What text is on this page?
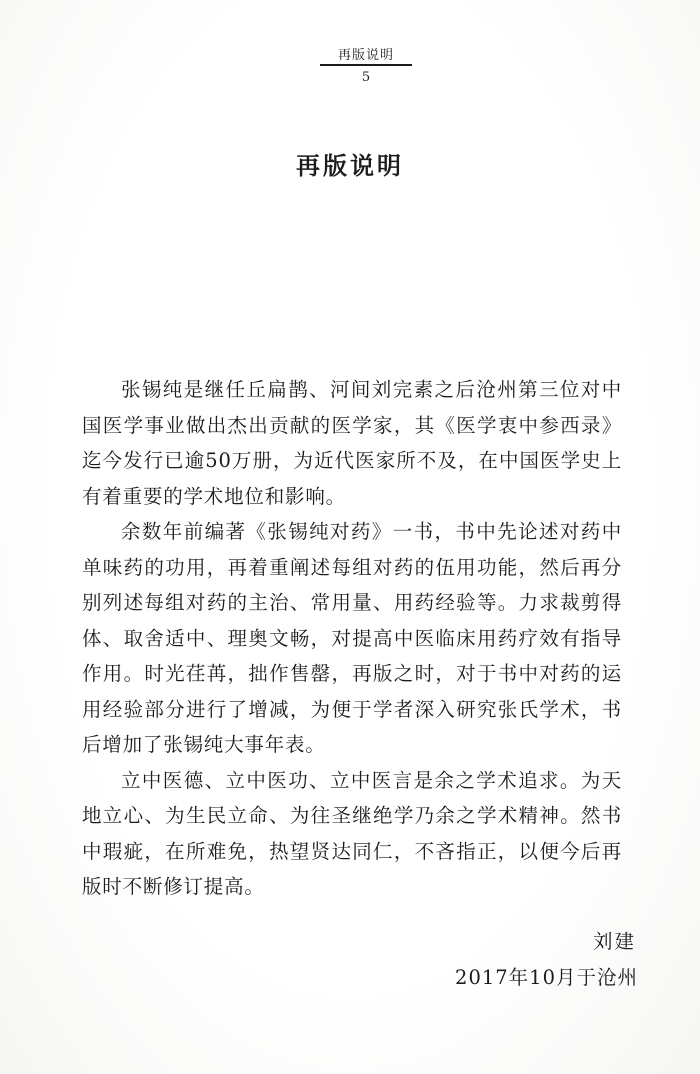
再版说明
5
再版说明

张锡纯是继任丘扁鹊、河间刘完素之后沧州第三位对中国医学事业做出杰出贡献的医学家，其《医学衷中参西录》迄今发行已逾50万册，为近代医家所不及，在中国医学史上有着重要的学术地位和影响。

余数年前编著《张锡纯对药》一书，书中先论述对药中单味药的功用，再着重阐述每组对药的伍用功能，然后再分别列述每组对药的主治、常用量、用药经验等。力求裁剪得体、取舍适中、理奥文畅，对提高中医临床用药疗效有指导作用。时光荏苒，拙作售罄，再版之时，对于书中对药的运用经验部分进行了增减，为便于学者深入研究张氏学术，书后增加了张锡纯大事年表。

立中医德、立中医功、立中医言是余之学术追求。为天地立心、为生民立命、为往圣继绝学乃余之学术精神。然书中瑕疵，在所难免，热望贤达同仁，不吝指正，以便今后再版时不断修订提高。

刘建
2017年10月于沧州
